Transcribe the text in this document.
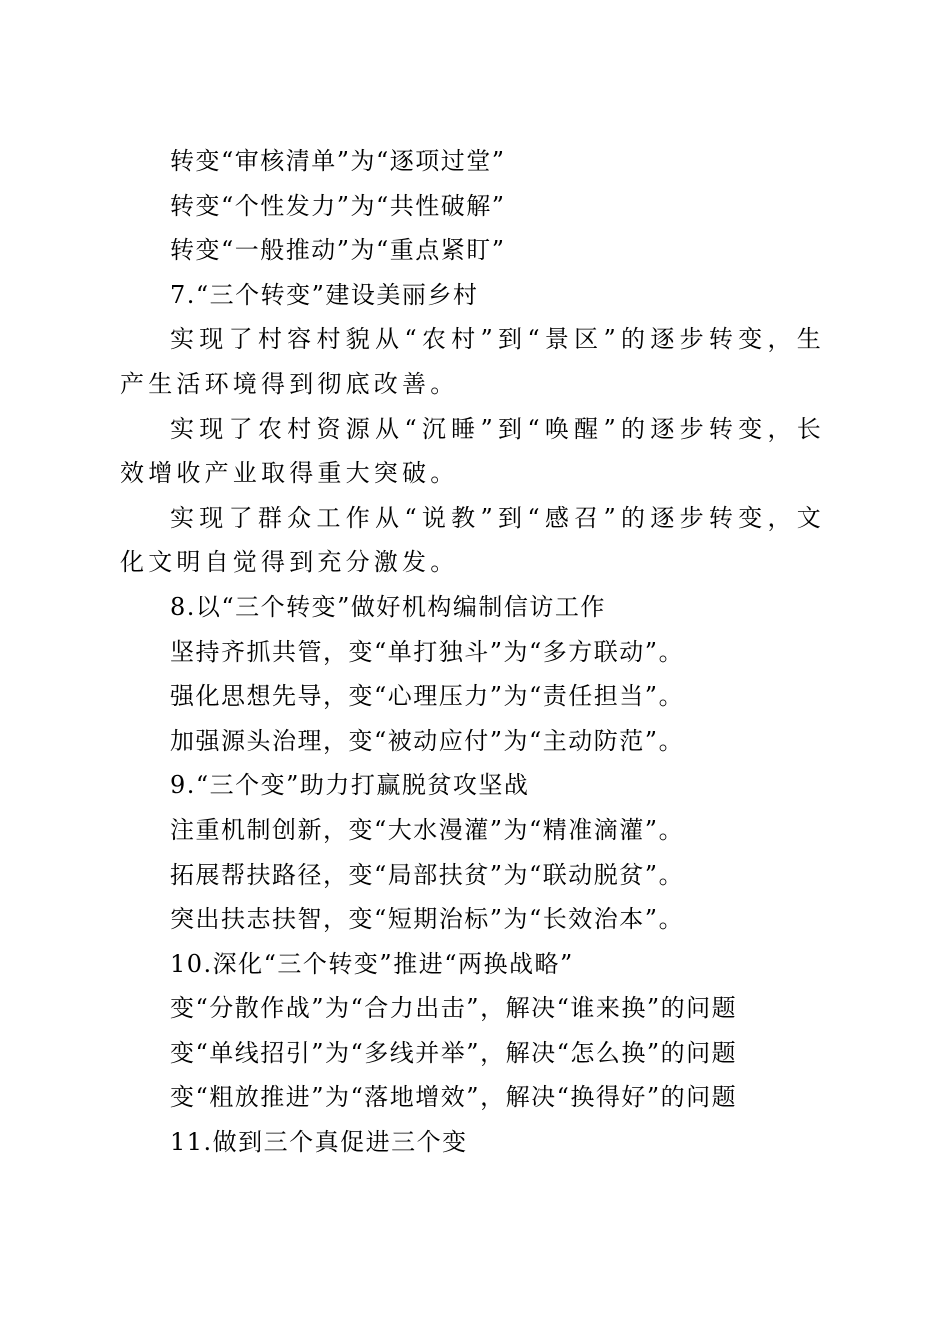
转变“审核清单”为“逐项过堂”
转变“个性发力”为“共性破解”
转变“一般推动”为“重点紧盯”
7.“三个转变”建设美丽乡村

实现了村容村貌从“农村”到“景区”的逐步转变，生产生活环境得到彻底改善。

实现了农村资源从“沉睡”到“唤醒”的逐步转变，长效增收产业取得重大突破。

实现了群众工作从“说教”到“感召”的逐步转变，文化文明自觉得到充分激发。

8.以“三个转变”做好机构编制信访工作
坚持齐抓共管，变“单打独斗”为“多方联动”。
强化思想先导，变“心理压力”为“责任担当”。
加强源头治理，变“被动应付”为“主动防范”。
9.“三个变”助力打赢脱贫攻坚战
注重机制创新，变“大水漫灌”为“精准滴灌”。
拓展帮扶路径，变“局部扶贫”为“联动脱贫”。
突出扶志扶智，变“短期治标”为“长效治本”。
10.深化“三个转变”推进“两换战略”
变“分散作战”为“合力出击”，解决“谁来换”的问题
变“单线招引”为“多线并举”，解决“怎么换”的问题
变“粗放推进”为“落地增效”，解决“换得好”的问题
11.做到三个真促进三个变
